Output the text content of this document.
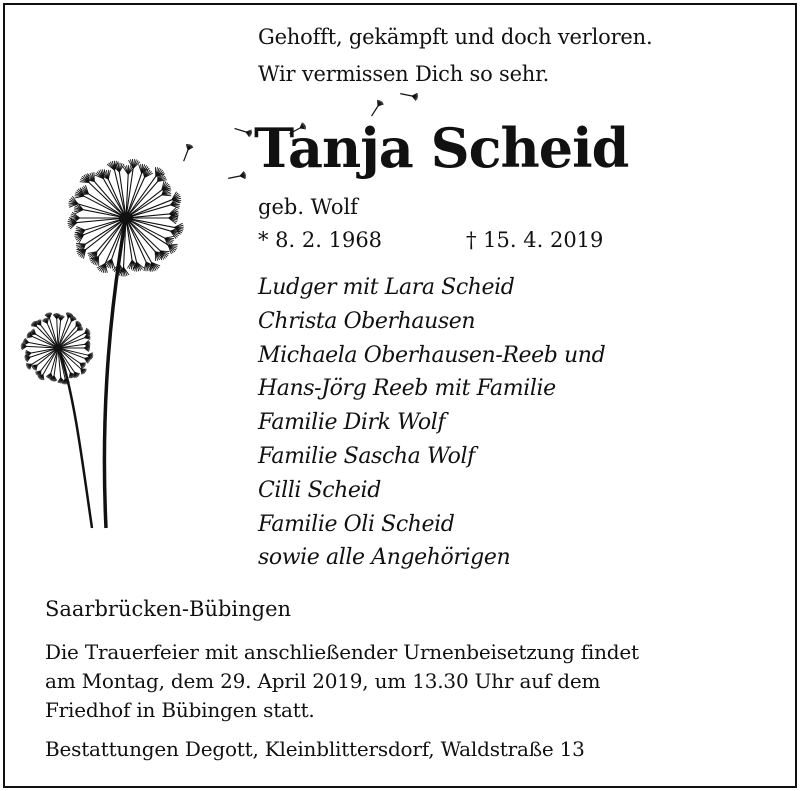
Gehofft, gekämpft und doch verloren.
Wir vermissen Dich so sehr.
Tanja Scheid
geb. Wolf
* 8. 2. 1968	† 15. 4. 2019
Ludger mit Lara Scheid
Christa Oberhausen
Michaela Oberhausen-Reeb und
Hans-Jörg Reeb mit Familie
Familie Dirk Wolf
Familie Sascha Wolf
Cilli Scheid
Familie Oli Scheid
sowie alle Angehörigen
Saarbrücken-Bübingen
Die Trauerfeier mit anschließender Urnenbeisetzung findet
am Montag, dem 29. April 2019, um 13.30 Uhr auf dem
Friedhof in Bübingen statt.
Bestattungen Degott, Kleinblittersdorf, Waldstraße 13
